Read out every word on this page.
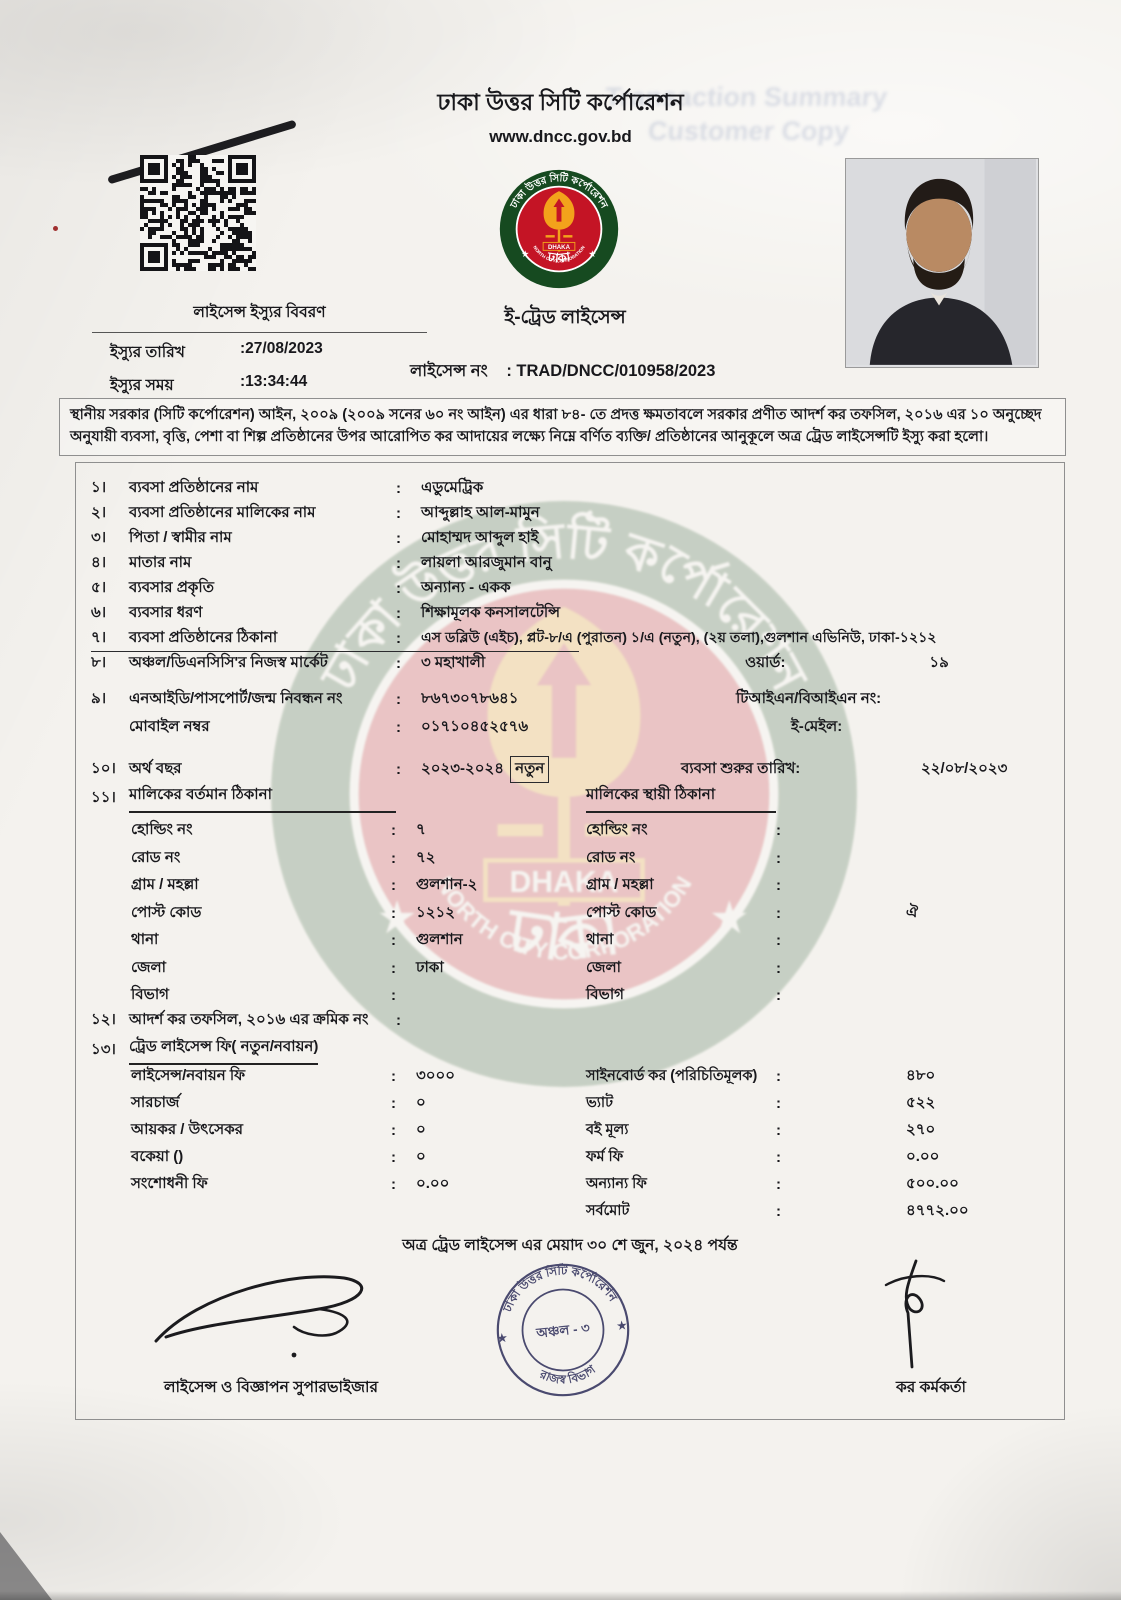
Transaction Summary
Customer Copy
ঢাকা উত্তর সিটি কর্পোরেশন
www.dncc.gov.bd
লাইসেন্স ইস্যুর বিবরণ
ইস্যুর তারিখ	:27/08/2023
ইস্যুর সময়	:13:34:44
ই-ট্রেড লাইসেন্স
লাইসেন্স নং : TRAD/DNCC/010958/2023
স্থানীয় সরকার (সিটি কর্পোরেশন) আইন, ২০০৯ (২০০৯ সনের ৬০ নং আইন) এর ধারা ৮৪- তে প্রদত্ত ক্ষমতাবলে সরকার প্রণীত আদর্শ কর তফসিল, ২০১৬ এর ১০ অনুচ্ছেদ অনুযায়ী ব্যবসা, বৃত্তি, পেশা বা শিল্প প্রতিষ্ঠানের উপর আরোপিত কর আদায়ের লক্ষ্যে নিম্নে বর্ণিত ব্যক্তি/ প্রতিষ্ঠানের আনুকূলে অত্র ট্রেড লাইসেন্সটি ইস্যু করা হলো।
১।	ব্যবসা প্রতিষ্ঠানের নাম	:	এডুমেট্রিক
২।	ব্যবসা প্রতিষ্ঠানের মালিকের নাম	:	আব্দুল্লাহ আল-মামুন
৩।	পিতা / স্বামীর নাম	:	মোহাম্মদ আব্দুল হাই
৪।	মাতার নাম	:	লায়লা আরজুমান বানু
৫।	ব্যবসার প্রকৃতি	:	অন্যান্য - একক
৬।	ব্যবসার ধরণ	:	শিক্ষামূলক কনসালটেন্সি
৭।	ব্যবসা প্রতিষ্ঠানের ঠিকানা	:	এস ডব্লিউ (এইচ), প্লট-৮/এ (পুরাতন) ১/এ (নতুন), (২য় তলা),গুলশান এভিনিউ, ঢাকা-১২১২
৮।	অঞ্চল/ডিএনসিসি'র নিজস্ব মার্কেট	:	৩ মহাখালী	ওয়ার্ড:	১৯
৯।	এনআইডি/পাসপোর্ট/জন্ম নিবন্ধন নং	:	৮৬৭৩০৭৮৬৪১	টিআইএন/বিআইএন নং:
মোবাইল নম্বর	:	০১৭১০৪৫২৫৭৬	ই-মেইল:
১০। অর্থ বছর	:	২০২৩-২০২৪ নতুন	ব্যবসা শুরুর তারিখ:	২২/০৮/২০২৩
১১। মালিকের বর্তমান ঠিকানা	মালিকের স্থায়ী ঠিকানা
হোল্ডিং নং	:	৭	হোল্ডিং নং	:
রোড নং	:	৭২	রোড নং	:
গ্রাম / মহল্লা	:	গুলশান-২	গ্রাম / মহল্লা	:
পোস্ট কোড	:	১২১২	পোস্ট কোড	:	ঐ
থানা	:	গুলশান	থানা	:
জেলা	:	ঢাকা	জেলা	:
বিভাগ	:	বিভাগ	:
১২। আদর্শ কর তফসিল, ২০১৬ এর ক্রমিক নং	:
১৩। ট্রেড লাইসেন্স ফি( নতুন/নবায়ন)
লাইসেন্স/নবায়ন ফি	:	৩০০০	সাইনবোর্ড কর (পরিচিতিমূলক)	:	৪৮০
সারচার্জ	:	০	ভ্যাট	:	৫২২
আয়কর / উৎসেকর	:	০	বই মূল্য	:	২৭০
বকেয়া ()	:	০	ফর্ম ফি	:	০.০০
সংশোধনী ফি	:	০.০০	অন্যান্য ফি	:	৫০০.০০
সর্বমোট	:	৪৭৭২.০০
অত্র ট্রেড লাইসেন্স এর মেয়াদ ৩০ শে জুন, ২০২৪ পর্যন্ত
ঢাকা উত্তর সিটি কর্পোরেশন
রাজস্ব বিভাগ
অঞ্চল - ৩
★
★
লাইসেন্স ও বিজ্ঞাপন সুপারভাইজার	কর কর্মকর্তা
